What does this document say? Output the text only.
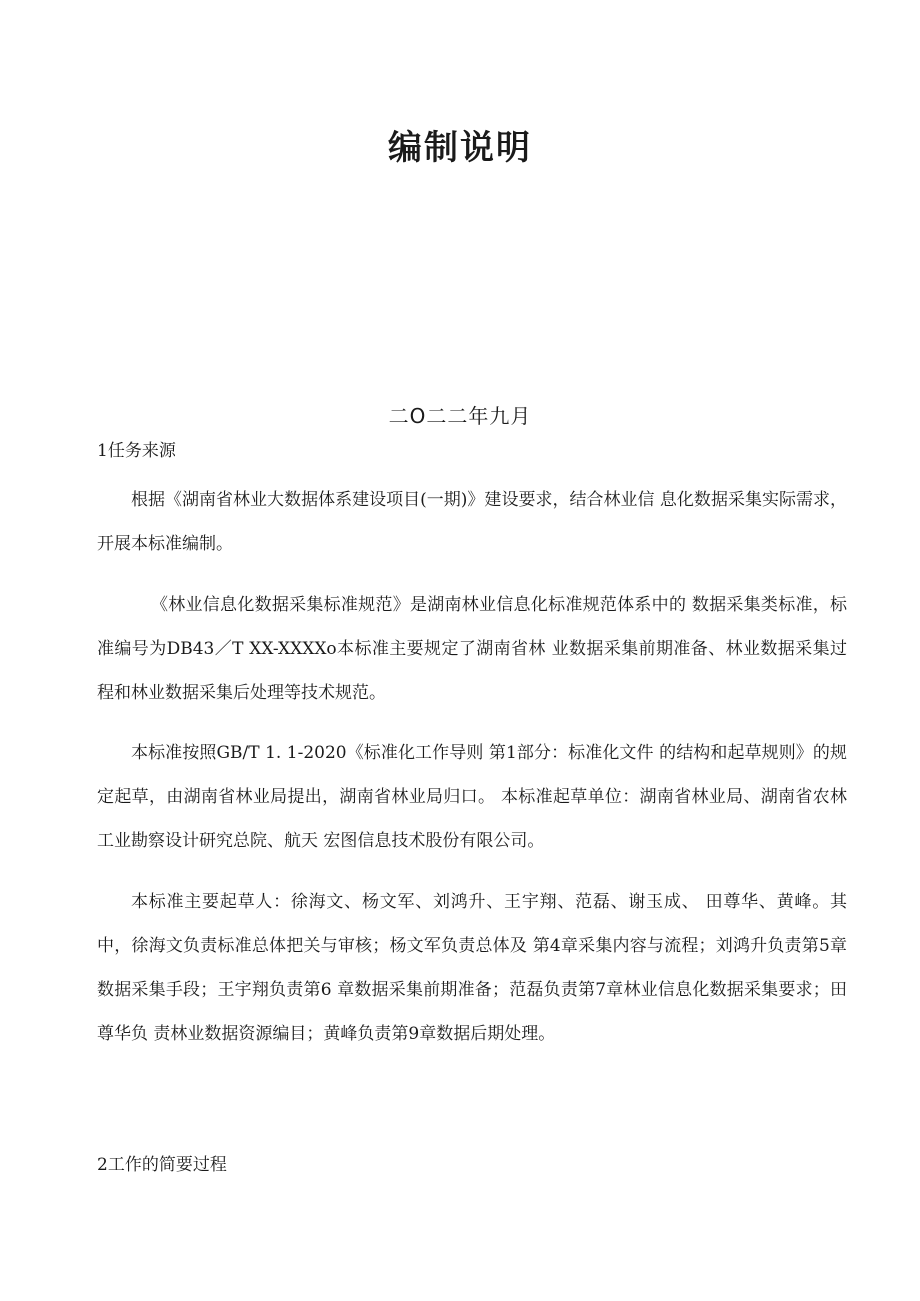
编制说明
二O二二年九月
1任务来源

根据《湖南省林业大数据体系建设项目(一期)》建设要求，结合林业信 息化数据采集实际需求，开展本标准编制。

《林业信息化数据采集标准规范》是湖南林业信息化标准规范体系中的 数据采集类标准，标准编号为DB43／T XX-XXXXo本标准主要规定了湖南省林 业数据采集前期准备、林业数据采集过程和林业数据采集后处理等技术规范。

本标准按照GB/T 1. 1-2020《标准化工作导则 第1部分：标准化文件 的结构和起草规则》的规定起草，由湖南省林业局提出，湖南省林业局归口。 本标准起草单位：湖南省林业局、湖南省农林工业勘察设计研究总院、航天 宏图信息技术股份有限公司。

本标准主要起草人：徐海文、杨文军、刘鸿升、王宇翔、范磊、谢玉成、 田尊华、黄峰。其中，徐海文负责标准总体把关与审核；杨文军负责总体及 第4章采集内容与流程；刘鸿升负责第5章数据采集手段；王宇翔负责第6 章数据采集前期准备；范磊负责第7章林业信息化数据采集要求；田尊华负 责林业数据资源编目；黄峰负责第9章数据后期处理。

2工作的简要过程
